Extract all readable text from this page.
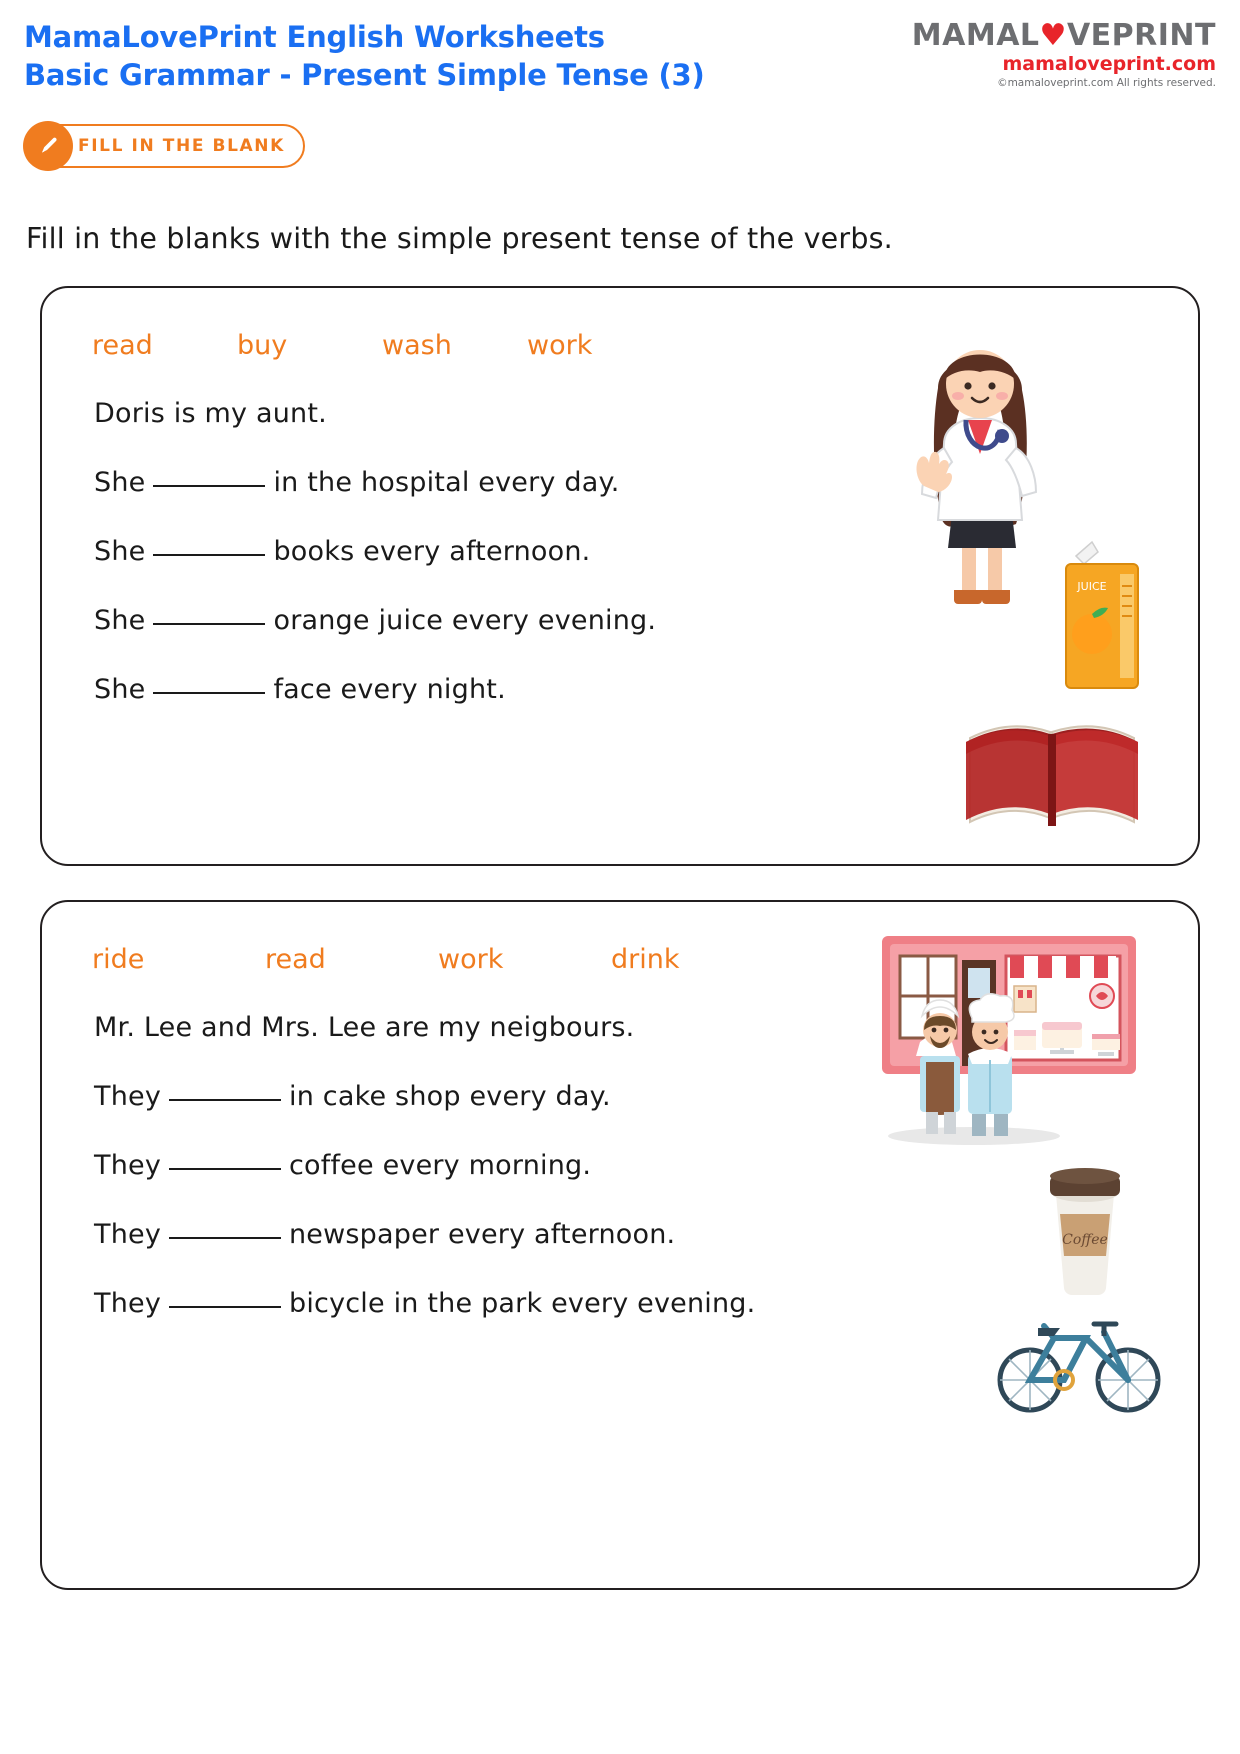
MamaLovePrint English Worksheets
Basic Grammar - Present Simple Tense (3)
MAMAL♥VEPRINT
mamaloveprint.com
©mamaloveprint.com All rights reserved.
FILL IN THE BLANK
Fill in the blanks with the simple present tense of the verbs.
read	buy	wash	work
Doris is my aunt.
She	in the hospital every day.
She	books every afternoon.
She	orange juice every evening.
She	face every night.
JUICE
ride	read	work	drink
Mr. Lee and Mrs. Lee are my neigbours.
They	in cake shop every day.
They	coffee every morning.
They	newspaper every afternoon.
They	bicycle in the park every evening.
Coffee
